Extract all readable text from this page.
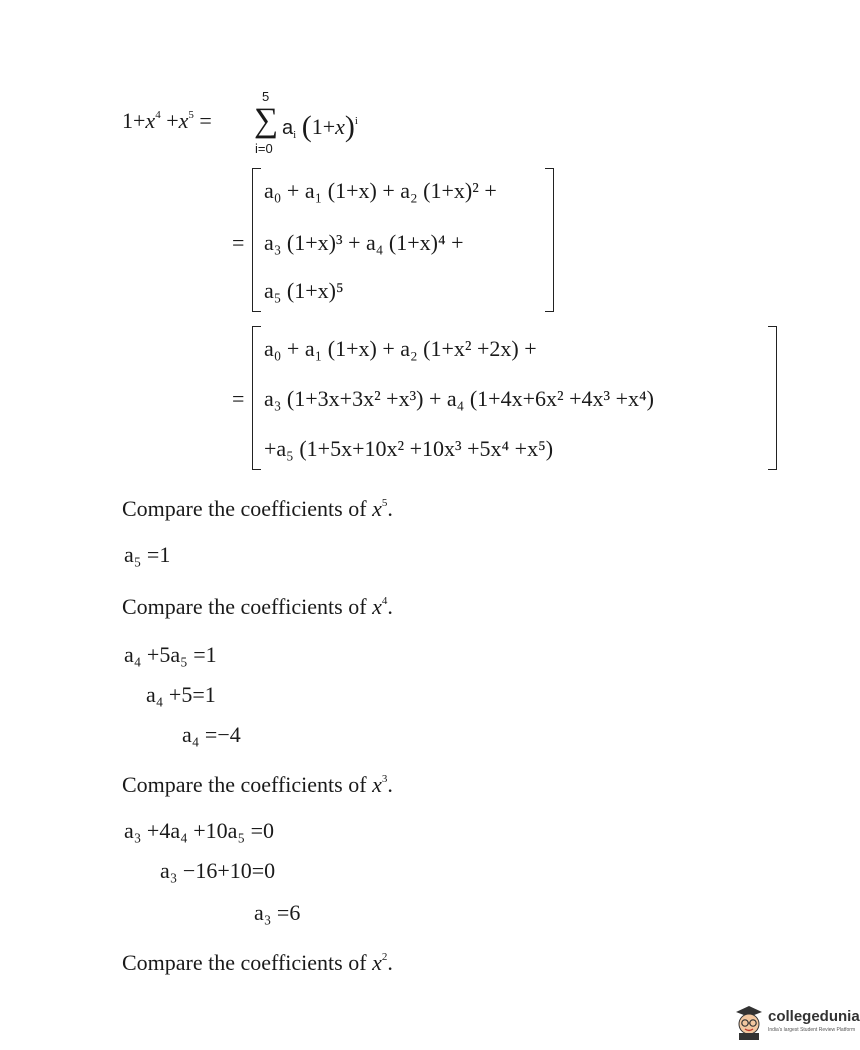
$1+x^4 +x^5$ = ∑
5
i=0
$a_i$ $(1+x)^i$
=
a₀ + a₁ (1+x) + a₂ (1+x)² +
a₃ (1+x)³ + a₄ (1+x)⁴ +
a₅ (1+x)⁵
=
a₀ + a₁ (1+x) + a₂ (1+x² +2x) +
a₃ (1+3x+3x² +x³) + a₄ (1+4x+6x² +4x³ +x⁴)
+a₅ (1+5x+10x² +10x³ +5x⁴ +x⁵)
Compare the coefficients of $x^5$.
a₅ =1
Compare the coefficients of $x^4$.
a₄ +5a₅ =1
a₄ +5=1
a₄ =−4
Compare the coefficients of $x^3$.
a₃ +4a₄ +10a₅ =0
a₃ −16+10=0
a₃ =6
Compare the coefficients of $x^2$.
collegedunia
India's largest Student Review Platform
